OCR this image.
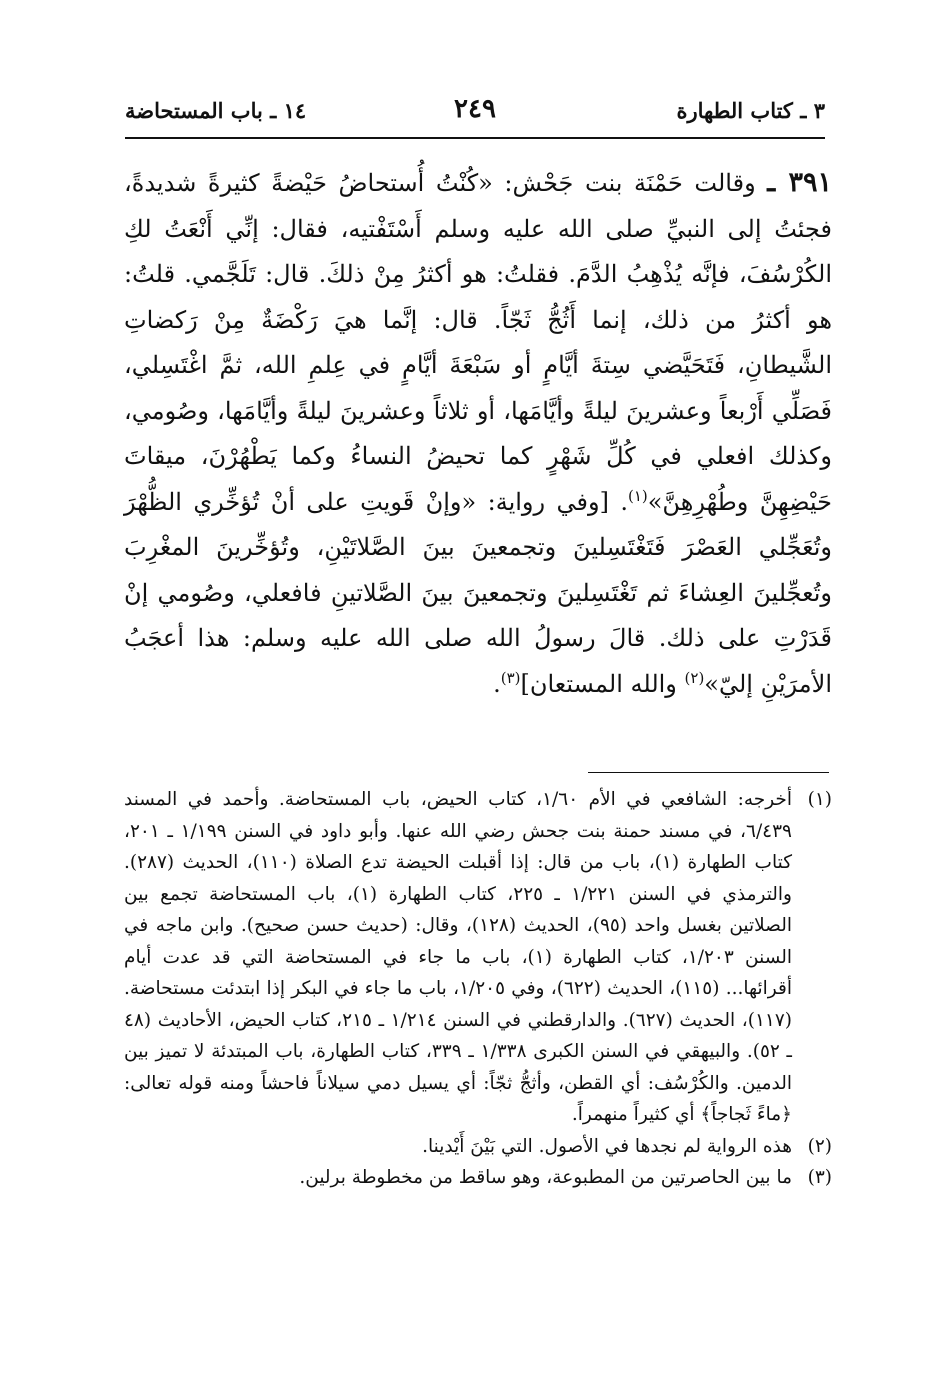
٣ ـ كتاب الطهارة
٢٤٩
١٤ ـ باب المستحاضة

٣٩١ ـ وقالت حَمْنَة بنت جَحْش: «كُنْتُ أُستحاضُ حَيْضةً كثيرةً شديدةً، فجئتُ إلى النبيِّ صلى الله عليه وسلم أَسْتَفْتيه، فقال: إنِّي أَنْعَتُ لكِ الكُرْسُفَ، فإنَّه يُذْهِبُ الدَّمَ. فقلتُ: هو أكثرُ مِنْ ذلكَ. قال: تَلَجَّمي. قلتُ: هو أكثرُ من ذلك، إنما أَثُجُّ ثَجّاً. قال: إنَّما هيَ رَكْضَةٌ مِنْ رَكضاتِ الشَّيطانِ، فَتَحَيَّضي سِتةَ أيَّامٍ أو سَبْعَةَ أيَّامٍ في عِلمِ الله، ثمَّ اغْتَسِلي، فَصَلِّي أَرْبعاً وعشرينَ ليلةً وأيَّامَها، أو ثلاثاً وعشرينَ ليلةً وأيَّامَها، وصُومي، وكذلك افعلي في كُلِّ شَهْرٍ كما تحيضُ النساءُ وكما يَطْهُرْنَ، ميقاتَ حَيْضِهِنَّ وطُهْرِهِنَّ»$^{(١)}$. [وفي رواية: «وإنْ قَويتِ على أنْ تُؤخِّري الظُّهْرَ وتُعَجِّلي العَصْرَ فَتَغْتَسِلينَ وتجمعينَ بينَ الصَّلاتَيْنِ، وتُؤخِّرينَ المغْرِبَ وتُعجِّلينَ العِشاءَ ثم تَغْتَسِلينَ وتجمعينَ بينَ الصَّلاتينِ فافعلي، وصُومي إنْ قَدَرْتِ على ذلك. قالَ رسولُ الله صلى الله عليه وسلم: هذا أعجَبُ الأمرَيْنِ إليّ»$^{(٢)}$ والله المستعان]$^{(٣)}$.

(١)
أخرجه: الشافعي في الأم ١/٦٠، كتاب الحيض، باب المستحاضة. وأحمد في المسند ٦/٤٣٩، في مسند حمنة بنت جحش رضي الله عنها. وأبو داود في السنن ١/١٩٩ ـ ٢٠١، كتاب الطهارة (١)، باب من قال: إذا أقبلت الحيضة تدع الصلاة (١١٠)، الحديث (٢٨٧). والترمذي في السنن ١/٢٢١ ـ ٢٢٥، كتاب الطهارة (١)، باب المستحاضة تجمع بين الصلاتين بغسل واحد (٩٥)، الحديث (١٢٨)، وقال: (حديث حسن صحيح). وابن ماجه في السنن ١/٢٠٣، كتاب الطهارة (١)، باب ما جاء في المستحاضة التي قد عدت أيام أقرائها... (١١٥)، الحديث (٦٢٢)، وفي ١/٢٠٥، باب ما جاء في البكر إذا ابتدئت مستحاضة. (١١٧)، الحديث (٦٢٧). والدارقطني في السنن ١/٢١٤ ـ ٢١٥، كتاب الحيض، الأحاديث (٤٨ ـ ٥٢). والبيهقي في السنن الكبرى ١/٣٣٨ ـ ٣٣٩، كتاب الطهارة، باب المبتدئة لا تميز بين الدمين. والكُرْسُف: أي القطن، وأثجُّ ثجّاً: أي يسيل دمي سيلاناً فاحشاً ومنه قوله تعالى: ﴿ماءً ثَجاجاً﴾ أي كثيراً منهمراً.

(٢)
هذه الرواية لم نجدها في الأصول. التي بَيْنَ أَيْدينا.

(٣)
ما بين الحاصرتين من المطبوعة، وهو ساقط من مخطوطة برلين.
